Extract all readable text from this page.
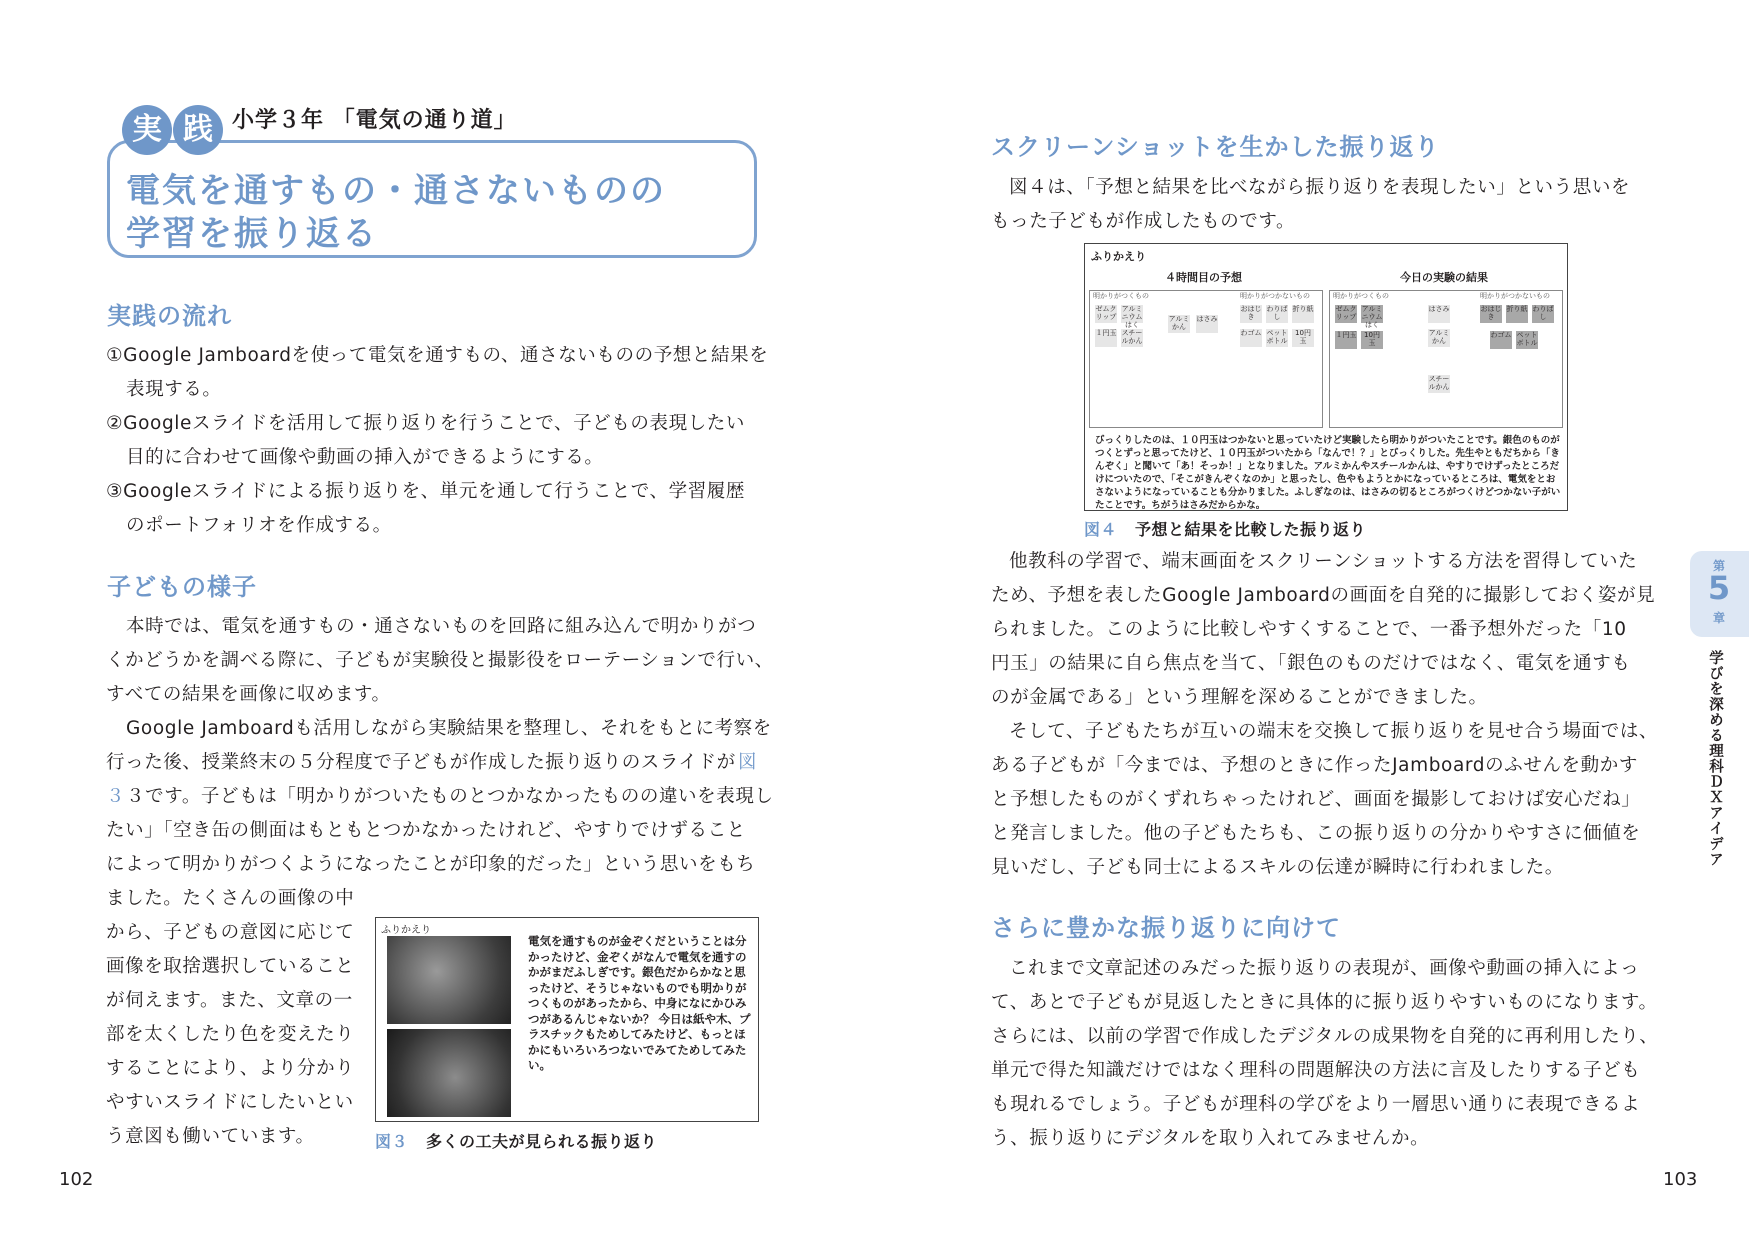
実 践 小学３年 「電気の通り道」
電気を通すもの・通さないものの
学習を振り返る
実践の流れ
①Google Jamboardを使って電気を通すもの、通さないものの予想と結果を
表現する。
②Googleスライドを活用して振り返りを行うことで、子どもの表現したい
目的に合わせて画像や動画の挿入ができるようにする。
③Googleスライドによる振り返りを、単元を通して行うことで、学習履歴
のポートフォリオを作成する。
子どもの様子
本時では、電気を通すもの・通さないものを回路に組み込んで明かりがつ
くかどうかを調べる際に、子どもが実験役と撮影役をローテーションで行い、
すべての結果を画像に収めます。
Google Jamboardも活用しながら実験結果を整理し、それをもとに考察を
行った後、授業終末の５分程度で子どもが作成した振り返りのスライドが 図
３ ３です。子どもは「明かりがついたものとつかなかったものの違いを表現し
たい」「空き缶の側面はもともとつかなかったけれど、やすりでけずること
によって明かりがつくようになったことが印象的だった」という思いをもち
ました。たくさんの画像の中
から、子どもの意図に応じて
画像を取捨選択していること
が伺えます。また、文章の一
部を太くしたり色を変えたり
することにより、より分かり
やすいスライドにしたいとい
う意図も働いています。
ふりかえり
電気を通すものが金ぞくだということは分かったけど、金ぞくがなんで電気を通すのかがまだふしぎです。銀色だからかなと思ったけど、そうじゃないものでも明かりがつくものがあったから、中身になにかひみつがあるんじゃないか？ 今日は紙や木、プラスチックもためしてみたけど、もっとほかにもいろいろつないでみてためしてみたい。
図３ 多くの工夫が見られる振り返り
102
スクリーンショットを生かした振り返り
図４は、「予想と結果を比べながら振り返りを表現したい」という思いを
もった子どもが作成したものです。
ふりかえり
４時間目の予想	今日の実験の結果
明かりがつくもの	明かりがつかないもの
ゼムクリップ
アルミニウムはく
１円玉 スチールかん
アルミかん
はさみ
おはじき
わりばし
折り紙
わゴム ペットボトル
10円玉
明かりがつくもの	明かりがつかないもの
ゼムクリップ
アルミニウムはく
１円玉	10円玉
はさみ
アルミかん
スチールかん
おはじき
折り紙 わりばし
わゴム ペットボトル
びっくりしたのは、１０円玉はつかないと思っていたけど実験したら明かりがついたことです。銀色のものがつくとずっと思ってたけど、１０円玉がついたから「なんで！？」とびっくりした。先生やともだちから「きんぞく」と聞いて「あ！そっか！」となりました。アルミかんやスチールかんは、やすりでけずったところだけについたので、「そこがきんぞくなのか」と思ったし、色やもようとかになっているところは、電気をとおさないようになっていることも分かりました。ふしぎなのは、はさみの切るところがつくけどつかない子がいたことです。ちがうはさみだからかな。
図４ 予想と結果を比較した振り返り
他教科の学習で、端末画面をスクリーンショットする方法を習得していた
ため、予想を表したGoogle Jamboardの画面を自発的に撮影しておく姿が見
られました。このように比較しやすくすることで、一番予想外だった「10
円玉」の結果に自ら焦点を当て、「銀色のものだけではなく、電気を通すも
のが金属である」という理解を深めることができました。
そして、子どもたちが互いの端末を交換して振り返りを見せ合う場面では、
ある子どもが「今までは、予想のときに作ったJamboardのふせんを動かす
と予想したものがくずれちゃったけれど、画面を撮影しておけば安心だね」
と発言しました。他の子どもたちも、この振り返りの分かりやすさに価値を
見いだし、子ども同士によるスキルの伝達が瞬時に行われました。
さらに豊かな振り返りに向けて
これまで文章記述のみだった振り返りの表現が、画像や動画の挿入によっ
て、あとで子どもが見返したときに具体的に振り返りやすいものになります。
さらには、以前の学習で作成したデジタルの成果物を自発的に再利用したり、
単元で得た知識だけではなく理科の問題解決の方法に言及したりする子ども
も現れるでしょう。子どもが理科の学びをより一層思い通りに表現できるよ
う、振り返りにデジタルを取り入れてみませんか。
第
5
章
学びを深める理科ＤＸアイデア
103
